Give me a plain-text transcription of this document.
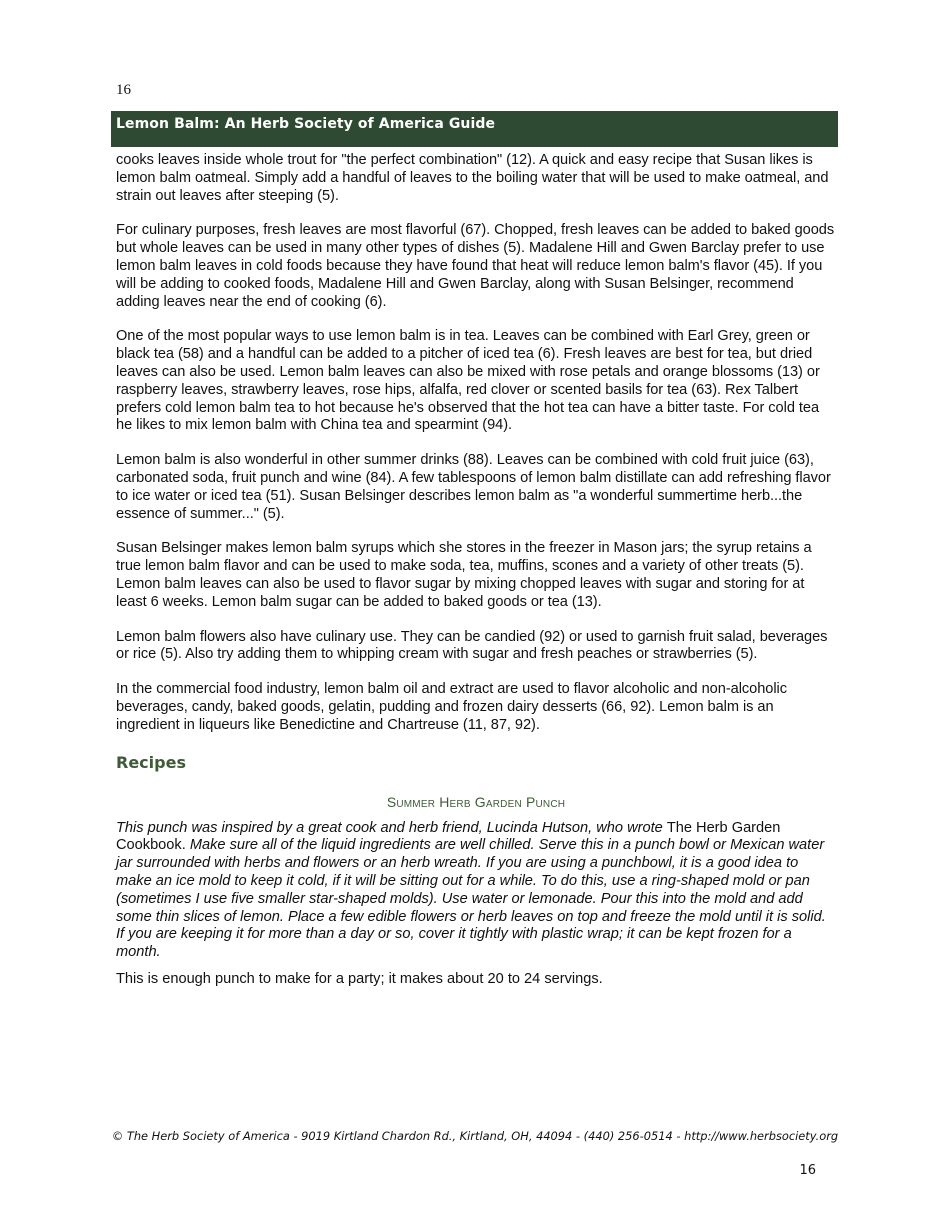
16
Lemon Balm: An Herb Society of America Guide

cooks leaves inside whole trout for "the perfect combination" (12). A quick and easy recipe that Susan likes is lemon balm oatmeal. Simply add a handful of leaves to the boiling water that will be used to make oatmeal, and strain out leaves after steeping (5).

For culinary purposes, fresh leaves are most flavorful (67). Chopped, fresh leaves can be added to baked goods but whole leaves can be used in many other types of dishes (5). Madalene Hill and Gwen Barclay prefer to use lemon balm leaves in cold foods because they have found that heat will reduce lemon balm's flavor (45). If you will be adding to cooked foods, Madalene Hill and Gwen Barclay, along with Susan Belsinger, recommend adding leaves near the end of cooking (6).

One of the most popular ways to use lemon balm is in tea. Leaves can be combined with Earl Grey, green or black tea (58) and a handful can be added to a pitcher of iced tea (6). Fresh leaves are best for tea, but dried leaves can also be used. Lemon balm leaves can also be mixed with rose petals and orange blossoms (13) or raspberry leaves, strawberry leaves, rose hips, alfalfa, red clover or scented basils for tea (63). Rex Talbert prefers cold lemon balm tea to hot because he's observed that the hot tea can have a bitter taste. For cold tea he likes to mix lemon balm with China tea and spearmint (94).

Lemon balm is also wonderful in other summer drinks (88). Leaves can be combined with cold fruit juice (63), carbonated soda, fruit punch and wine (84). A few tablespoons of lemon balm distillate can add refreshing flavor to ice water or iced tea (51). Susan Belsinger describes lemon balm as "a wonderful summertime herb...the essence of summer..." (5).

Susan Belsinger makes lemon balm syrups which she stores in the freezer in Mason jars; the syrup retains a true lemon balm flavor and can be used to make soda, tea, muffins, scones and a variety of other treats (5). Lemon balm leaves can also be used to flavor sugar by mixing chopped leaves with sugar and storing for at least 6 weeks. Lemon balm sugar can be added to baked goods or tea (13).

Lemon balm flowers also have culinary use. They can be candied (92) or used to garnish fruit salad, beverages or rice (5). Also try adding them to whipping cream with sugar and fresh peaches or strawberries (5).

In the commercial food industry, lemon balm oil and extract are used to flavor alcoholic and non-alcoholic beverages, candy, baked goods, gelatin, pudding and frozen dairy desserts (66, 92). Lemon balm is an ingredient in liqueurs like Benedictine and Chartreuse (11, 87, 92).

Recipes
Summer Herb Garden Punch

This punch was inspired by a great cook and herb friend, Lucinda Hutson, who wrote The Herb Garden Cookbook. Make sure all of the liquid ingredients are well chilled. Serve this in a punch bowl or Mexican water jar surrounded with herbs and flowers or an herb wreath. If you are using a punchbowl, it is a good idea to make an ice mold to keep it cold, if it will be sitting out for a while. To do this, use a ring-shaped mold or pan (sometimes I use five smaller star-shaped molds). Use water or lemonade. Pour this into the mold and add some thin slices of lemon. Place a few edible flowers or herb leaves on top and freeze the mold until it is solid. If you are keeping it for more than a day or so, cover it tightly with plastic wrap; it can be kept frozen for a month.

This is enough punch to make for a party; it makes about 20 to 24 servings.

© The Herb Society of America - 9019 Kirtland Chardon Rd., Kirtland, OH, 44094 - (440) 256-0514 - http://www.herbsociety.org
16
